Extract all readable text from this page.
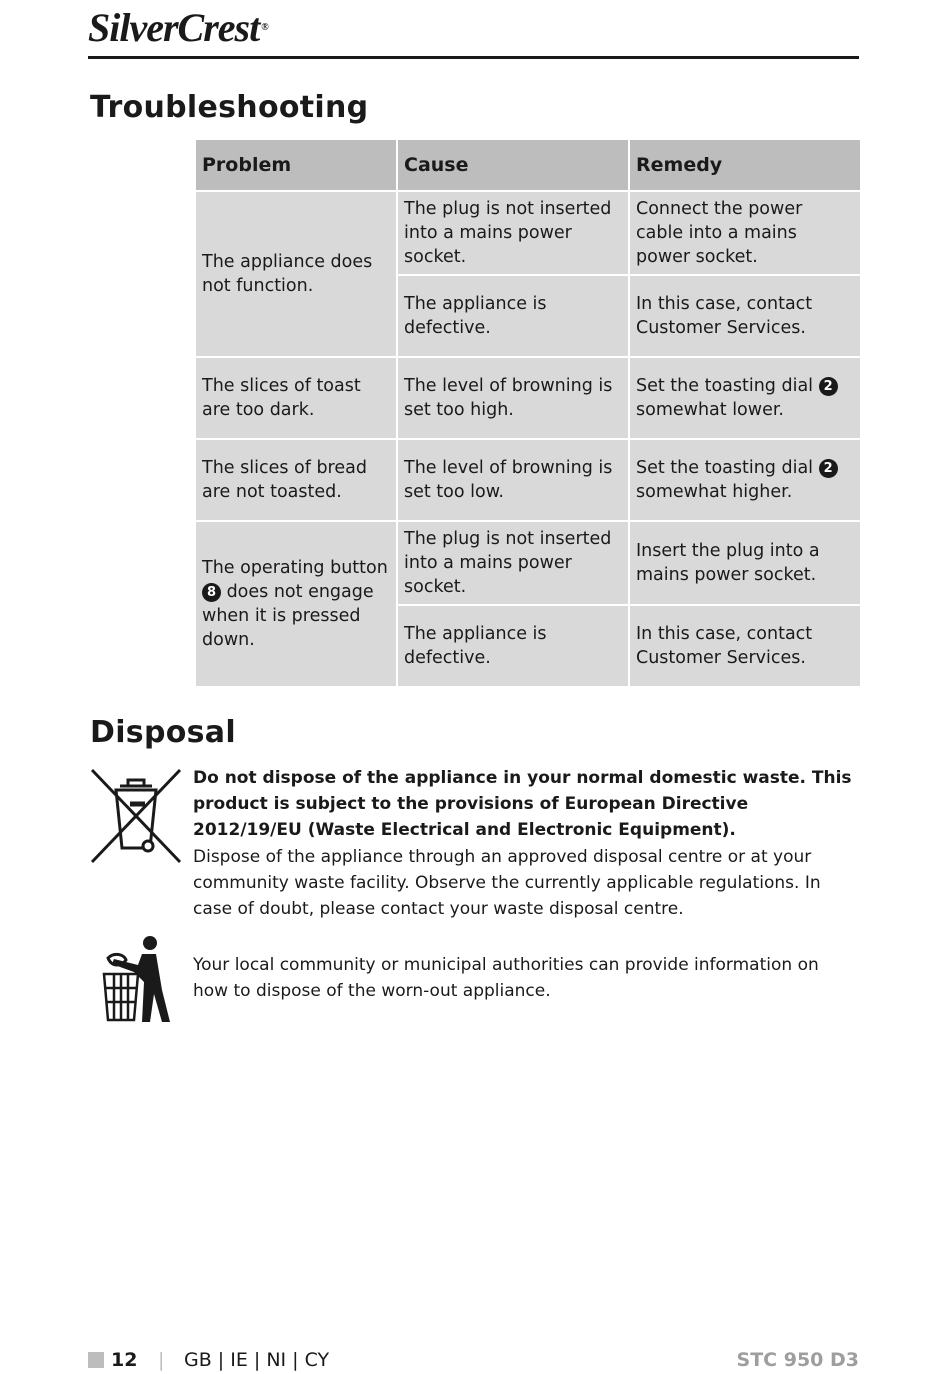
SilverCrest ®
Troubleshooting
Problem	Cause	Remedy
The appliance does not function.	The plug is not inserted into a mains power socket.	Connect the power cable into a mains power socket.
	The appliance is defective.	In this case, contact Customer Services.
The slices of toast are too dark.	The level of browning is set too high.	Set the toasting dial 2 somewhat lower.
The slices of bread are not toasted.	The level of browning is set too low.	Set the toasting dial 2 somewhat higher.
The operating button 8 does not engage when it is pressed down.	The plug is not inserted into a mains power socket.	Insert the plug into a mains power socket.
	The appliance is defective.	In this case, contact Customer Services.
Disposal

Do not dispose of the appliance in your normal domestic waste. This product is subject to the provisions of European Directive 2012/19/EU (Waste Electrical and Electronic Equipment).

Dispose of the appliance through an approved disposal centre or at your community waste facility. Observe the currently applicable regulations. In case of doubt, please contact your waste disposal centre.

Your local community or municipal authorities can provide information on how to dispose of the worn-out appliance.

12 | GB | IE | NI | CY	STC 950 D3
